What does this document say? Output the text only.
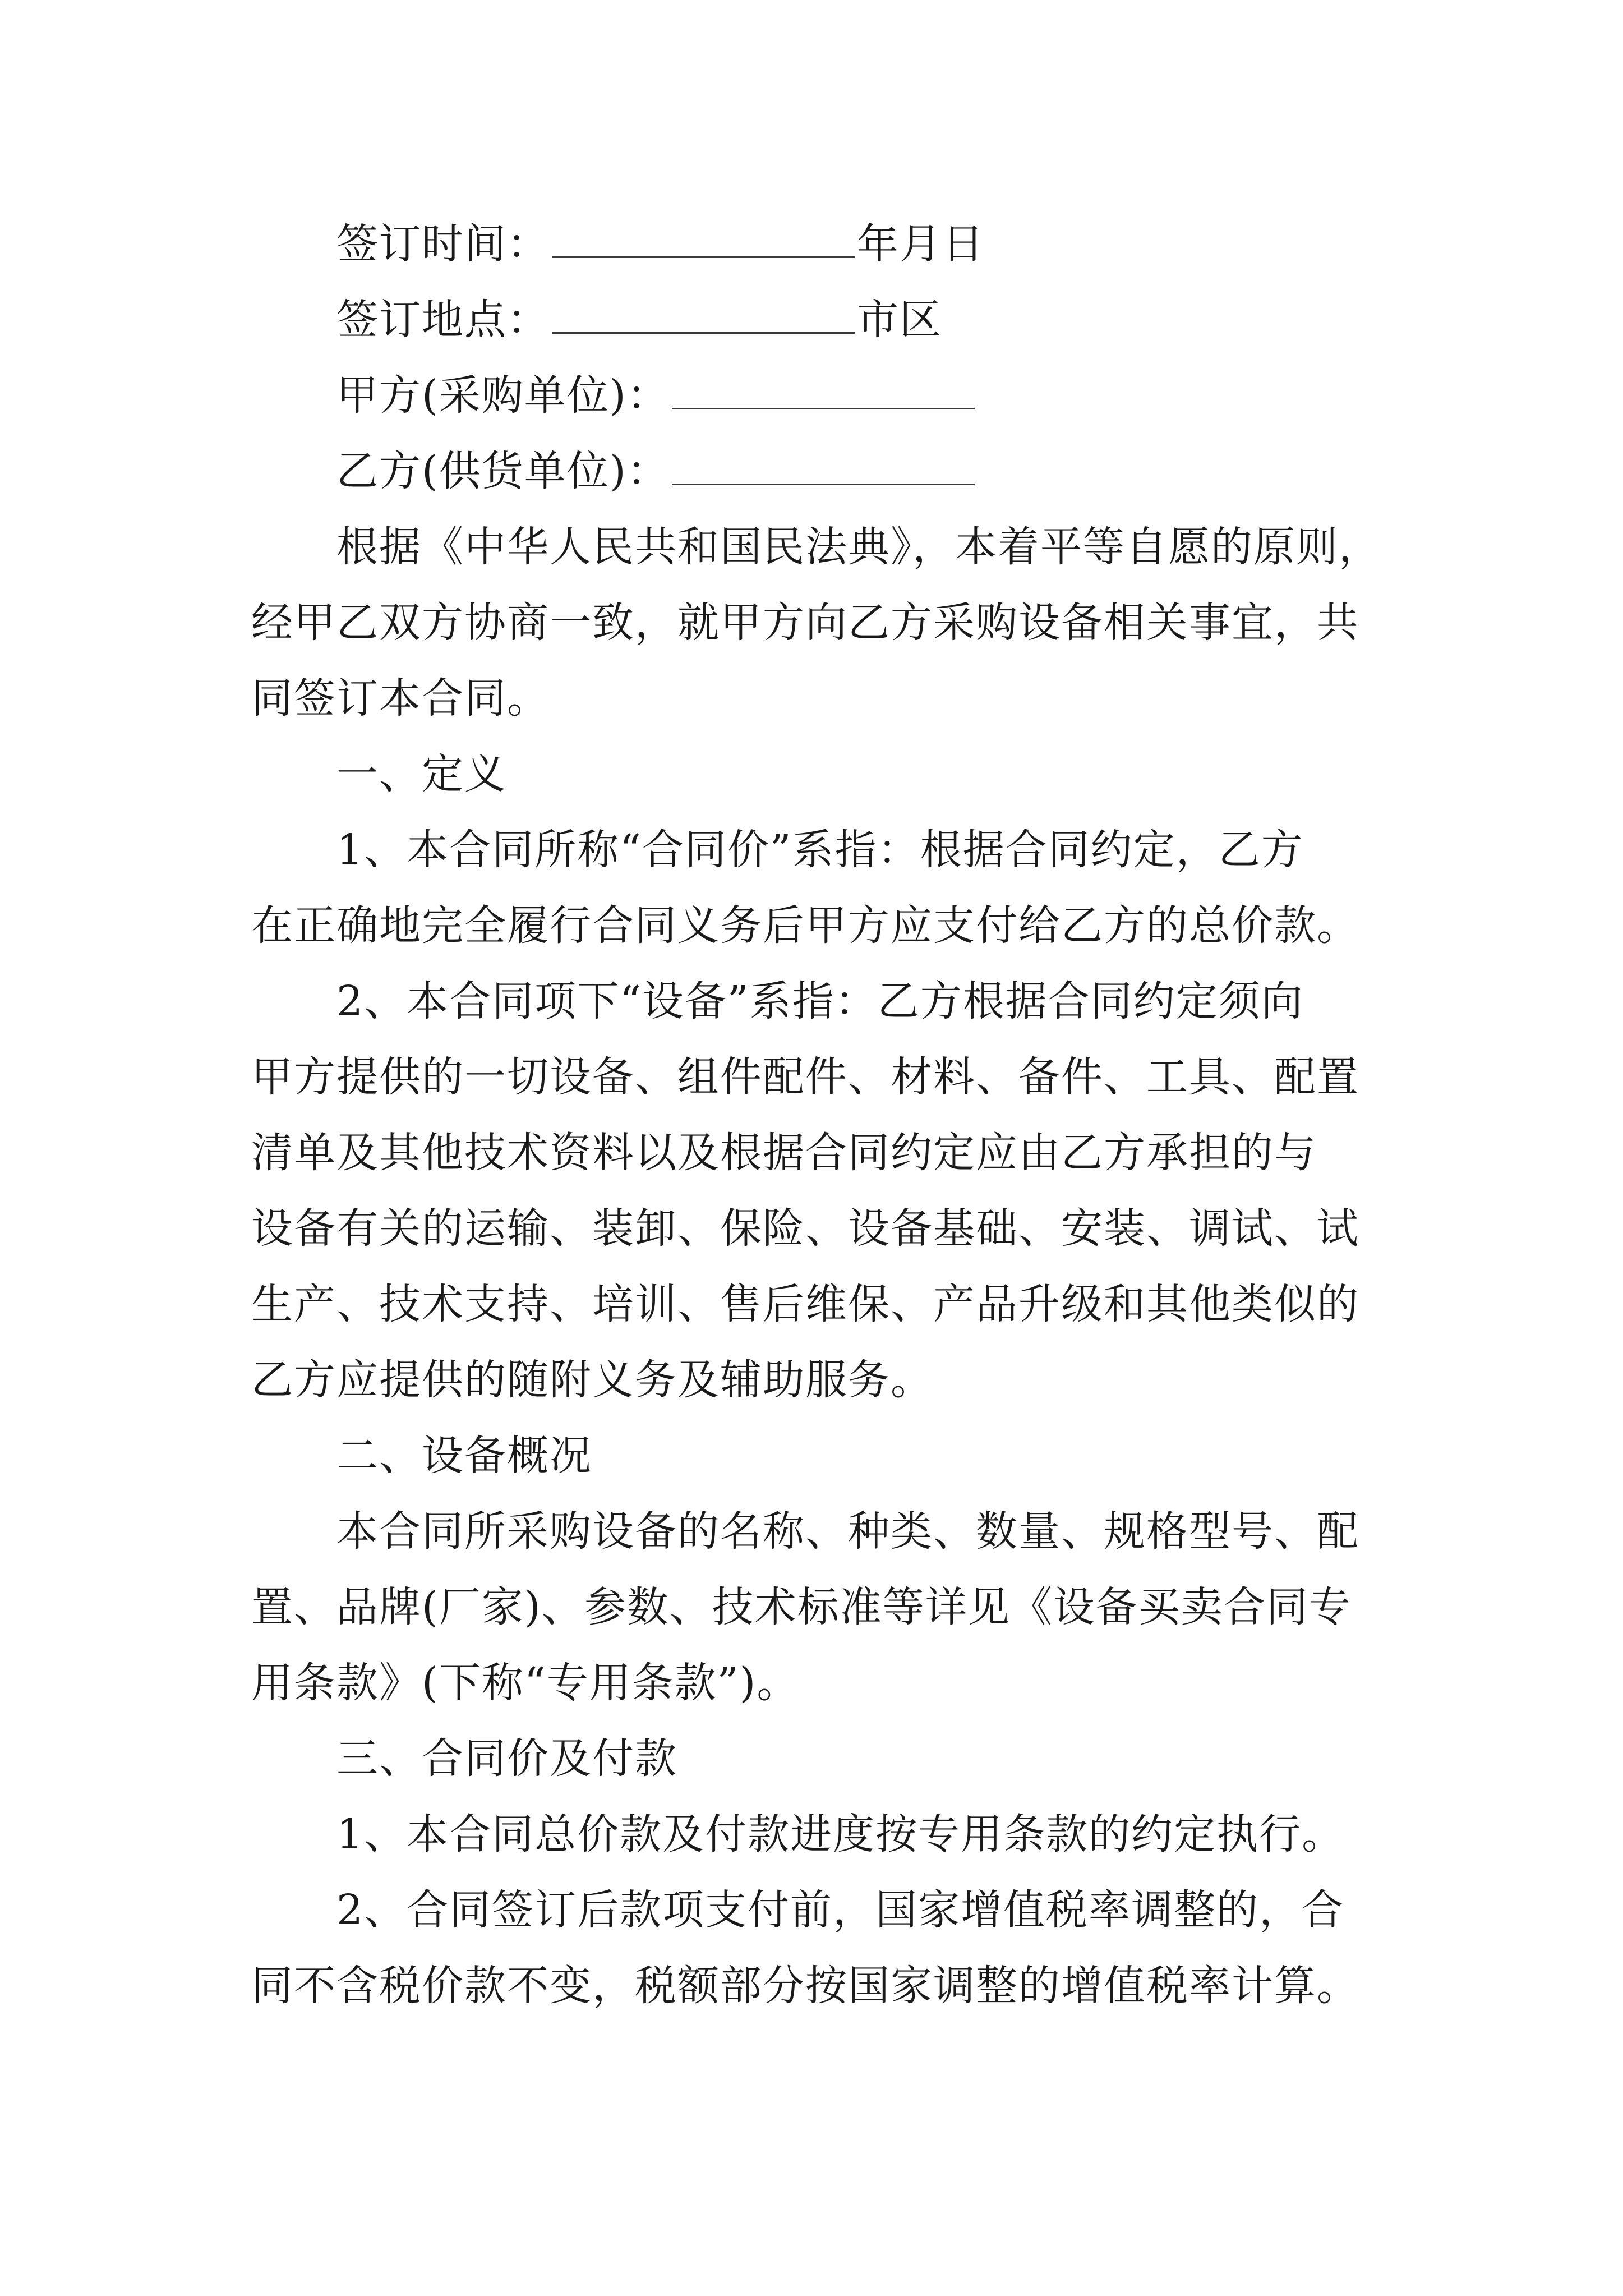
签订时间：	年月日
签订地点：	市区
甲方(采购单位)：
乙方(供货单位)：
根据《中华人民共和国民法典》，本着平等自愿的原则，
经甲乙双方协商一致，就甲方向乙方采购设备相关事宜，共
同签订本合同。
一、定义
1、本合同所称“合同价”系指：根据合同约定，乙方
在正确地完全履行合同义务后甲方应支付给乙方的总价款。
2、本合同项下“设备”系指：乙方根据合同约定须向
甲方提供的一切设备、组件配件、材料、备件、工具、配置
清单及其他技术资料以及根据合同约定应由乙方承担的与
设备有关的运输、装卸、保险、设备基础、安装、调试、试
生产、技术支持、培训、售后维保、产品升级和其他类似的
乙方应提供的随附义务及辅助服务。
二、设备概况
本合同所采购设备的名称、种类、数量、规格型号、配
置、品牌(厂家)、参数、技术标准等详见《设备买卖合同专
用条款》(下称“专用条款”)。
三、合同价及付款
1、本合同总价款及付款进度按专用条款的约定执行。
2、合同签订后款项支付前，国家增值税率调整的，合
同不含税价款不变，税额部分按国家调整的增值税率计算。
